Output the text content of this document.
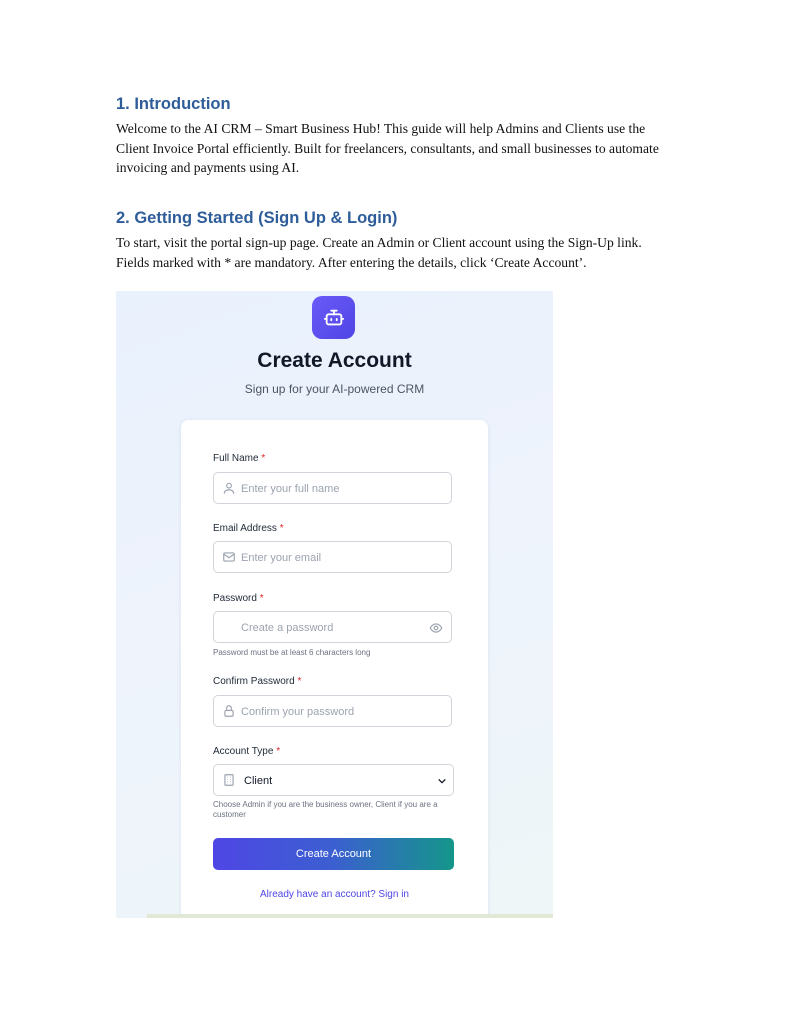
1. Introduction

Welcome to the AI CRM – Smart Business Hub! This guide will help Admins and Clients use the Client Invoice Portal efficiently. Built for freelancers, consultants, and small businesses to automate invoicing and payments using AI.

2. Getting Started (Sign Up & Login)

To start, visit the portal sign-up page. Create an Admin or Client account using the Sign-Up link.
Fields marked with * are mandatory. After entering the details, click ‘Create Account’.

Create Account

Sign up for your AI-powered CRM

Full Name *
Enter your full name
Email Address *
Enter your email
Password *
Create a password
Password must be at least 6 characters long
Confirm Password *
Confirm your password
Account Type *
Client
Choose Admin if you are the business owner, Client if you are a customer
Create Account
Already have an account? Sign in
